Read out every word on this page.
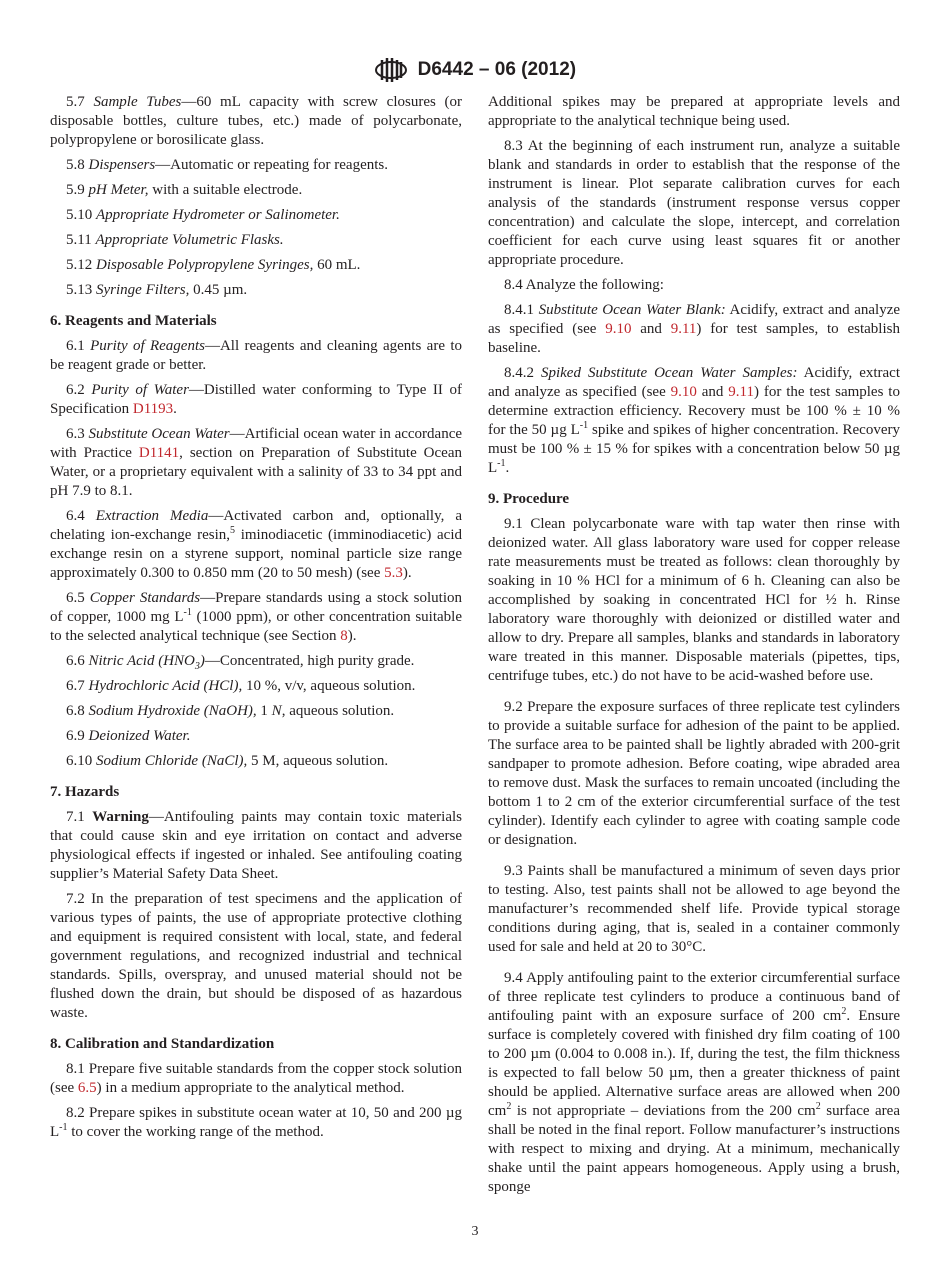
D6442 – 06 (2012)

5.7 Sample Tubes—60 mL capacity with screw closures (or disposable bottles, culture tubes, etc.) made of polycarbonate, polypropylene or borosilicate glass.

5.8 Dispensers—Automatic or repeating for reagents.

5.9 pH Meter, with a suitable electrode.

5.10 Appropriate Hydrometer or Salinometer.

5.11 Appropriate Volumetric Flasks.

5.12 Disposable Polypropylene Syringes, 60 mL.

5.13 Syringe Filters, 0.45 µm.

6. Reagents and Materials

6.1 Purity of Reagents—All reagents and cleaning agents are to be reagent grade or better.

6.2 Purity of Water—Distilled water conforming to Type II of Specification D1193.

6.3 Substitute Ocean Water—Artificial ocean water in accordance with Practice D1141, section on Preparation of Substitute Ocean Water, or a proprietary equivalent with a salinity of 33 to 34 ppt and pH 7.9 to 8.1.

6.4 Extraction Media—Activated carbon and, optionally, a chelating ion-exchange resin,$^5$ iminodiacetic (imminodiacetic) acid exchange resin on a styrene support, nominal particle size range approximately 0.300 to 0.850 mm (20 to 50 mesh) (see 5.3).

6.5 Copper Standards—Prepare standards using a stock solution of copper, 1000 mg $L^{-1}$ (1000 ppm), or other concentration suitable to the selected analytical technique (see Section 8).

6.6 Nitric Acid $(HNO_3)—Concentrated$, high purity grade.

6.7 Hydrochloric Acid (HCl), 10 %, v/v, aqueous solution.

6.8 Sodium Hydroxide (NaOH), 1 N, aqueous solution.

6.9 Deionized Water.

6.10 Sodium Chloride (NaCl), 5 M, aqueous solution.

7. Hazards

7.1 Warning—Antifouling paints may contain toxic materials that could cause skin and eye irritation on contact and adverse physiological effects if ingested or inhaled. See antifouling coating supplier’s Material Safety Data Sheet.

7.2 In the preparation of test specimens and the application of various types of paints, the use of appropriate protective clothing and equipment is required consistent with local, state, and federal government regulations, and recognized industrial and technical standards. Spills, overspray, and unused material should not be flushed down the drain, but should be disposed of as hazardous waste.

8. Calibration and Standardization

8.1 Prepare five suitable standards from the copper stock solution (see 6.5) in a medium appropriate to the analytical method.

8.2 Prepare spikes in substitute ocean water at 10, 50 and 200 µg $L^{-1}$ to cover the working range of the method.

Additional spikes may be prepared at appropriate levels and appropriate to the analytical technique being used.

8.3 At the beginning of each instrument run, analyze a suitable blank and standards in order to establish that the response of the instrument is linear. Plot separate calibration curves for each analysis of the standards (instrument response versus copper concentration) and calculate the slope, intercept, and correlation coefficient for each curve using least squares fit or another appropriate procedure.

8.4 Analyze the following:

8.4.1 Substitute Ocean Water Blank: Acidify, extract and analyze as specified (see 9.10 and 9.11) for test samples, to establish baseline.

8.4.2 Spiked Substitute Ocean Water Samples: Acidify, extract and analyze as specified (see 9.10 and 9.11) for the test samples to determine extraction efficiency. Recovery must be 100 % ± 10 % for the 50 µg $L^{-1}$ spike and spikes of higher concentration. Recovery must be 100 % ± 15 % for spikes with a concentration below 50 µg $L^{-1}$.

9. Procedure

9.1 Clean polycarbonate ware with tap water then rinse with deionized water. All glass laboratory ware used for copper release rate measurements must be treated as follows: clean thoroughly by soaking in 10 % HCl for a minimum of 6 h. Cleaning can also be accomplished by soaking in concentrated HCl for ½ h. Rinse laboratory ware thoroughly with deionized or distilled water and allow to dry. Prepare all samples, blanks and standards in laboratory ware treated in this manner. Disposable materials (pipettes, tips, centrifuge tubes, etc.) do not have to be acid-washed before use.

9.2 Prepare the exposure surfaces of three replicate test cylinders to provide a suitable surface for adhesion of the paint to be applied. The surface area to be painted shall be lightly abraded with 200-grit sandpaper to promote adhesion. Before coating, wipe abraded area to remove dust. Mask the surfaces to remain uncoated (including the bottom 1 to 2 cm of the exterior circumferential surface of the test cylinder). Identify each cylinder to agree with coating sample code or designation.

9.3 Paints shall be manufactured a minimum of seven days prior to testing. Also, test paints shall not be allowed to age beyond the manufacturer’s recommended shelf life. Provide typical storage conditions during aging, that is, sealed in a container commonly used for sale and held at 20 to 30°C.

9.4 Apply antifouling paint to the exterior circumferential surface of three replicate test cylinders to produce a continuous band of antifouling paint with an exposure surface of 200 $cm^2$. Ensure surface is completely covered with finished dry film coating of 100 to 200 µm (0.004 to 0.008 in.). If, during the test, the film thickness is expected to fall below 50 µm, then a greater thickness of paint should be applied. Alternative surface areas are allowed when 200 $cm^2$ is not appropriate – deviations from the 200 $cm^2$ surface area shall be noted in the final report. Follow manufacturer’s instructions with respect to mixing and drying. At a minimum, mechanically shake until the paint appears homogeneous. Apply using a brush, sponge

3
